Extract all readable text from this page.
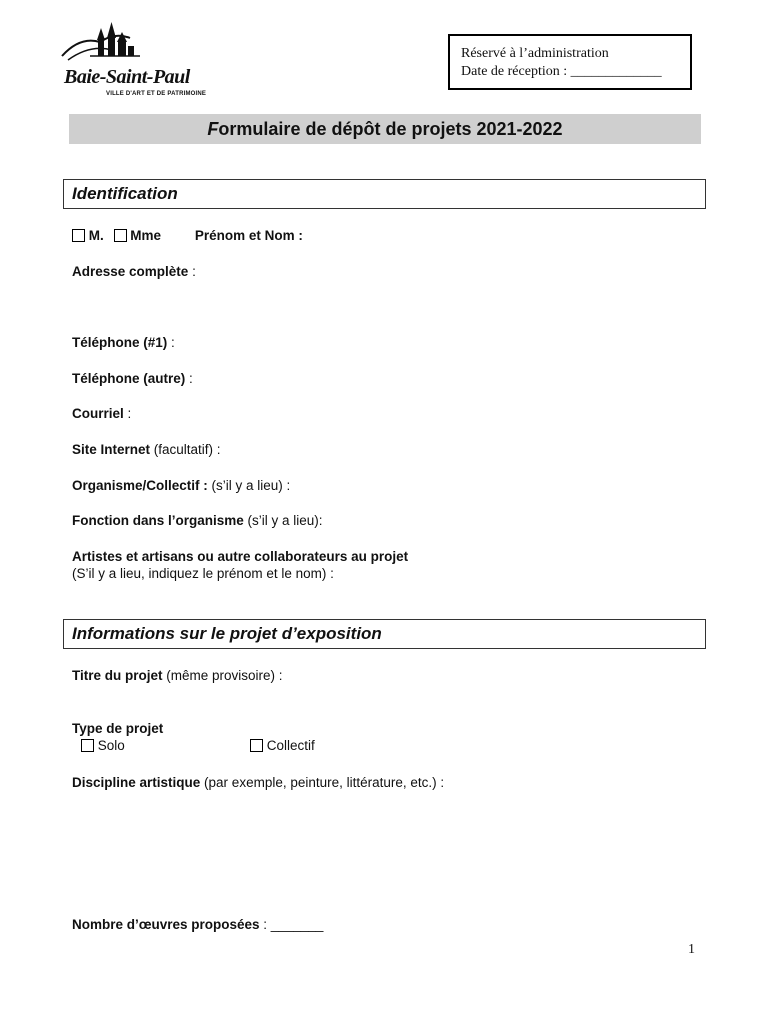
Baie-Saint-Paul
VILLE D'ART ET DE PATRIMOINE
Réservé à l’administration
Date de réception : _____________
F ormulaire de dépôt de projets 2021-2022
Identification
M. Mme	Prénom et Nom :
Adresse complète :
Téléphone (#1) :
Téléphone (autre) :
Courriel :
Site Internet (facultatif) :
Organisme/Collectif : (s’il y a lieu) :
Fonction dans l’organisme (s’il y a lieu):
Artistes et artisans ou autre collaborateurs au projet
(S’il y a lieu, indiquez le prénom et le nom) :
Informations sur le projet d’exposition
Titre du projet (même provisoire) :
Type de projet
Solo	Collectif
Discipline artistique (par exemple, peinture, littérature, etc.) :
Nombre d’œuvres proposées : _______
1
